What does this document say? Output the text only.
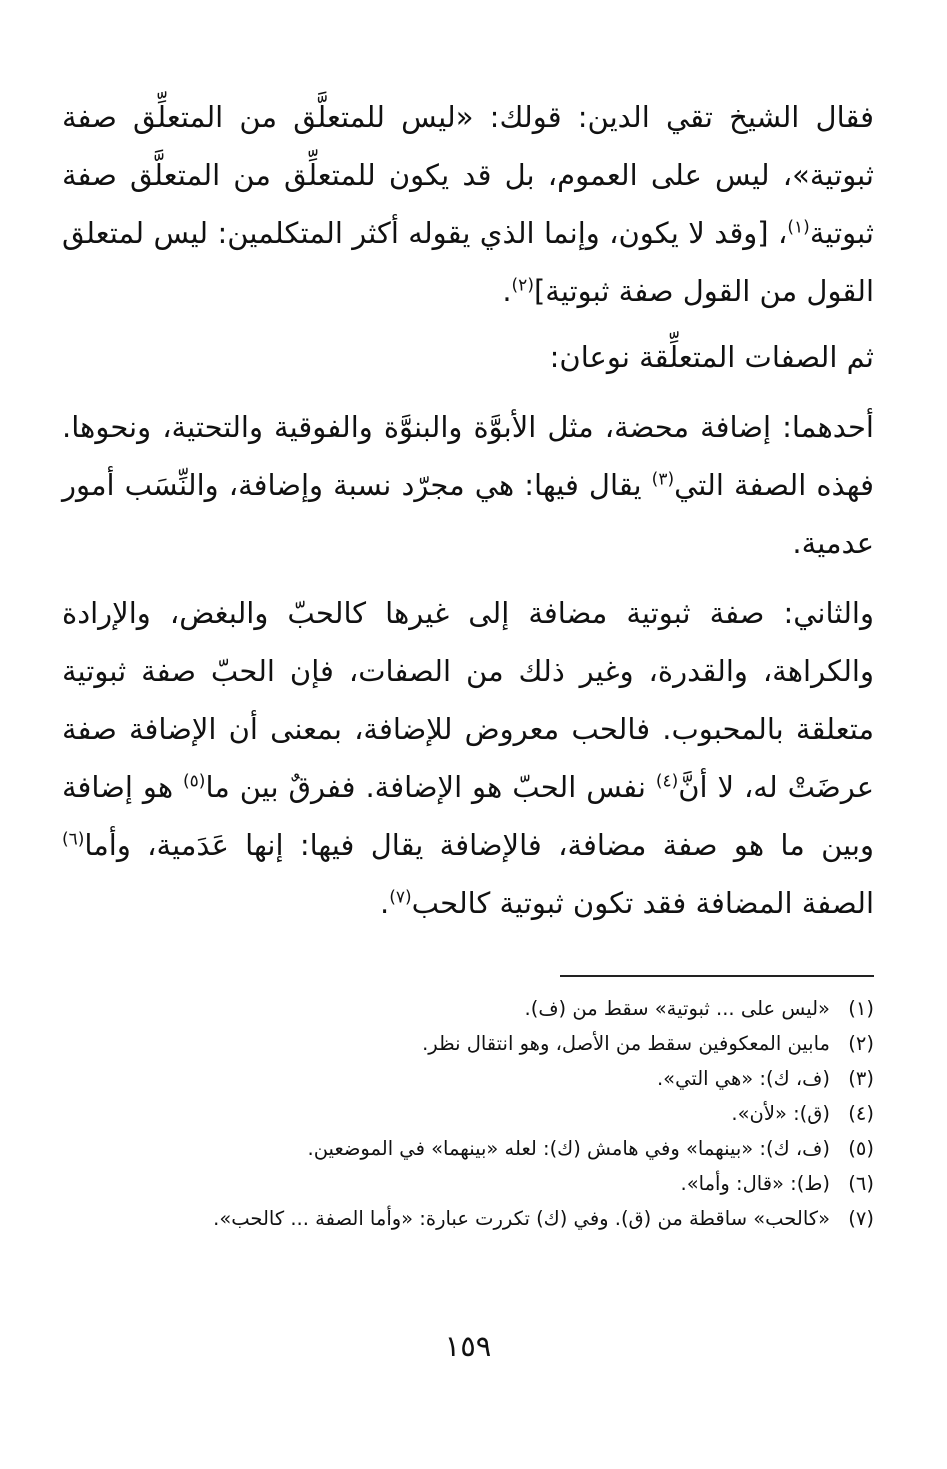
فقال الشيخ تقي الدين: قولك: «ليس للمتعلَّق من المتعلِّق صفة ثبوتية»، ليس على العموم، بل قد يكون للمتعلِّق من المتعلَّق صفة ثبوتية$^{(١)}$، [وقد لا يكون، وإنما الذي يقوله أكثر المتكلمين: ليس لمتعلق القول من القول صفة ثبوتية]$^{(٢)}$.

ثم الصفات المتعلِّقة نوعان:

أحدهما: إضافة محضة، مثل الأبوَّة والبنوَّة والفوقية والتحتية، ونحوها. فهذه الصفة التي$^{(٣)}$ يقال فيها: هي مجرّد نسبة وإضافة، والنِّسَب أمور عدمية.

والثاني: صفة ثبوتية مضافة إلى غيرها كالحبّ والبغض، والإرادة والكراهة، والقدرة، وغير ذلك من الصفات، فإن الحبّ صفة ثبوتية متعلقة بالمحبوب. فالحب معروض للإضافة، بمعنى أن الإضافة صفة عرضَتْ له، لا أنَّ$^{(٤)}$ نفس الحبّ هو الإضافة. ففرقٌ بين ما$^{(٥)}$ هو إضافة وبين ما هو صفة مضافة، فالإضافة يقال فيها: إنها عَدَمية، وأما$^{(٦)}$ الصفة المضافة فقد تكون ثبوتية كالحب$^{(٧)}$.

(١)«ليس على ... ثبوتية» سقط من (ف).
(٢)مابين المعكوفين سقط من الأصل، وهو انتقال نظر.
(٣)(ف، ك): «هي التي».
(٤)(ق): «لأن».
(٥)(ف، ك): «بينهما» وفي هامش (ك): لعله «بينهما» في الموضعين.
(٦)(ط): «قال: وأما».
(٧)«كالحب» ساقطة من (ق). وفي (ك) تكررت عبارة: «وأما الصفة ... كالحب».
١٥٩
